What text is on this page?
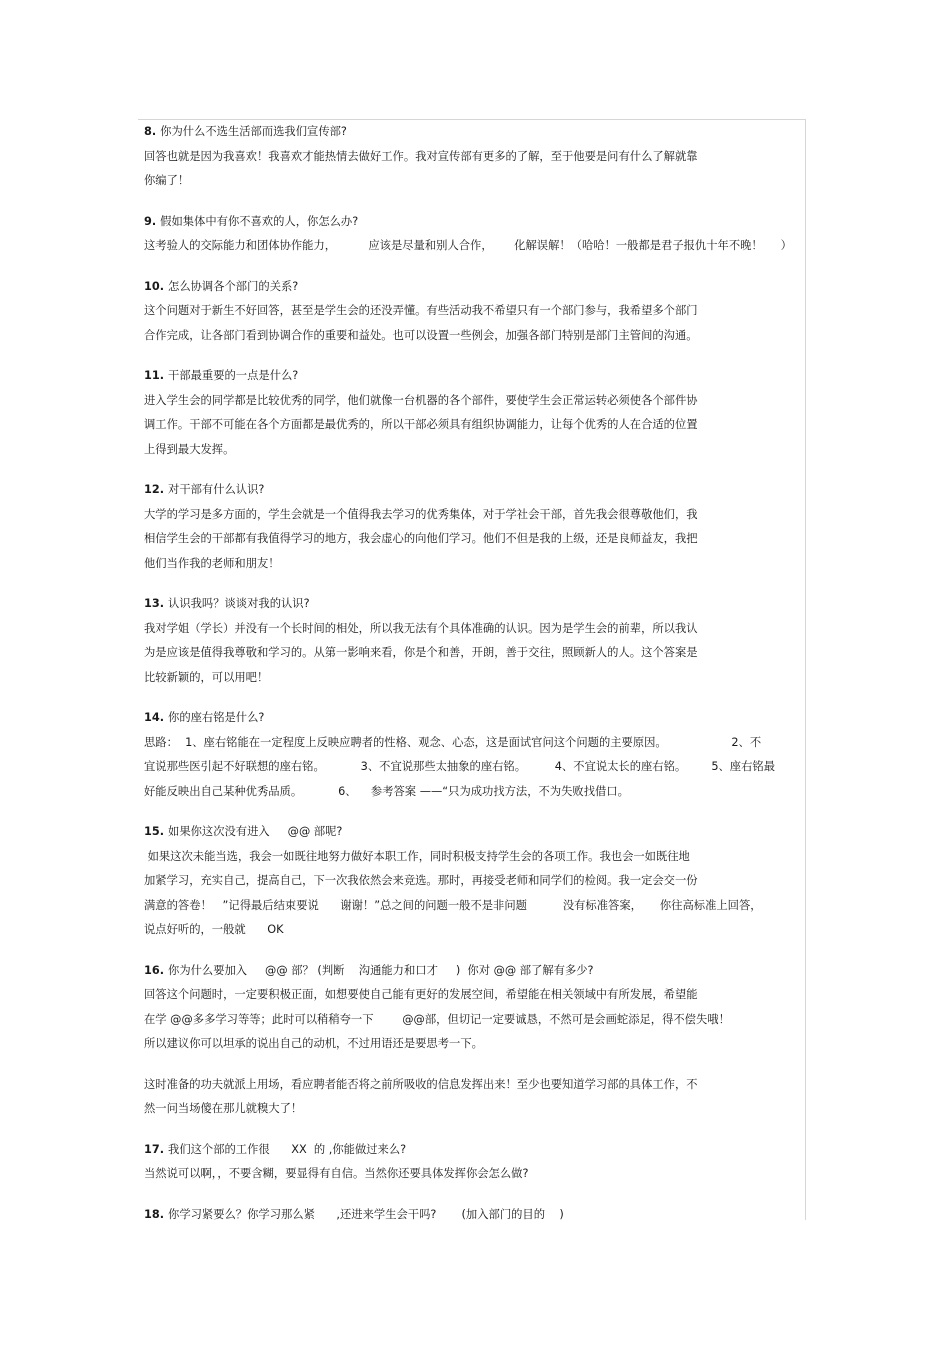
8. 你为什么不选生活部而选我们宣传部?
回答也就是因为我喜欢！我喜欢才能热情去做好工作。我对宣传部有更多的了解，至于他要是问有什么了解就靠
你编了！
9. 假如集体中有你不喜欢的人，你怎么办?
这考验人的交际能力和团体协作能力，         应该是尽量和别人合作，      化解误解！（哈哈！一般都是君子报仇十年不晚！     ）
10. 怎么协调各个部门的关系?
这个问题对于新生不好回答，甚至是学生会的还没弄懂。有些活动我不希望只有一个部门参与，我希望多个部门
合作完成，让各部门看到协调合作的重要和益处。也可以设置一些例会，加强各部门特别是部门主管间的沟通。
11. 干部最重要的一点是什么?
进入学生会的同学都是比较优秀的同学，他们就像一台机器的各个部件，要使学生会正常运转必须使各个部件协
调工作。干部不可能在各个方面都是最优秀的，所以干部必须具有组织协调能力，让每个优秀的人在合适的位置
上得到最大发挥。
12. 对干部有什么认识?
大学的学习是多方面的，学生会就是一个值得我去学习的优秀集体，对于学社会干部，首先我会很尊敬他们，我
相信学生会的干部都有我值得学习的地方，我会虚心的向他们学习。他们不但是我的上级，还是良师益友，我把
他们当作我的老师和朋友！
13. 认识我吗？谈谈对我的认识?
我对学姐（学长）并没有一个长时间的相处，所以我无法有个具体准确的认识。因为是学生会的前辈，所以我认
为是应该是值得我尊敬和学习的。从第一影响来看，你是个和善，开朗，善于交往，照顾新人的人。这个答案是
比较新颖的，可以用吧！
14. 你的座右铭是什么?
思路：  1、座右铭能在一定程度上反映应聘者的性格、观念、心态，这是面试官问这个问题的主要原因。                  2、不
宜说那些医引起不好联想的座右铭。          3、不宜说那些太抽象的座右铭。        4、不宜说太长的座右铭。       5、座右铭最
好能反映出自己某种优秀品质。          6、    参考答案 ——“只为成功找方法，不为失败找借口。
15. 如果你这次没有进入     @@ 部呢?
如果这次未能当选，我会一如既往地努力做好本职工作，同时积极支持学生会的各项工作。我也会一如既往地
加紧学习，充实自己，提高自己，下一次我依然会来竞选。那时，再接受老师和同学们的检阅。我一定会交一份
满意的答卷！   ”记得最后结束要说      谢谢！”总之间的问题一般不是非问题          没有标准答案，     你往高标准上回答，
说点好听的，一般就      OK
16. 你为什么要加入     @@ 部？ (判断    沟通能力和口才     )  你对 @@ 部了解有多少?
回答这个问题时，一定要积极正面，如想要使自己能有更好的发展空间，希望能在相关领域中有所发展，希望能
在学 @@多多学习等等；此时可以稍稍夸一下        @@部，但切记一定要诚恳，不然可是会画蛇添足，得不偿失哦！
所以建议你可以坦承的说出自己的动机，不过用语还是要思考一下。
这时准备的功夫就派上用场，看应聘者能否将之前所吸收的信息发挥出来！至少也要知道学习部的具体工作，不
然一问当场傻在那儿就糗大了！
17. 我们这个部的工作很      XX  的 ,你能做过来么?
当然说可以啊，，不要含糊，要显得有自信。当然你还要具体发挥你会怎么做?
18. 你学习紧要么？你学习那么紧      ,还进来学生会干吗?       (加入部门的目的    )
